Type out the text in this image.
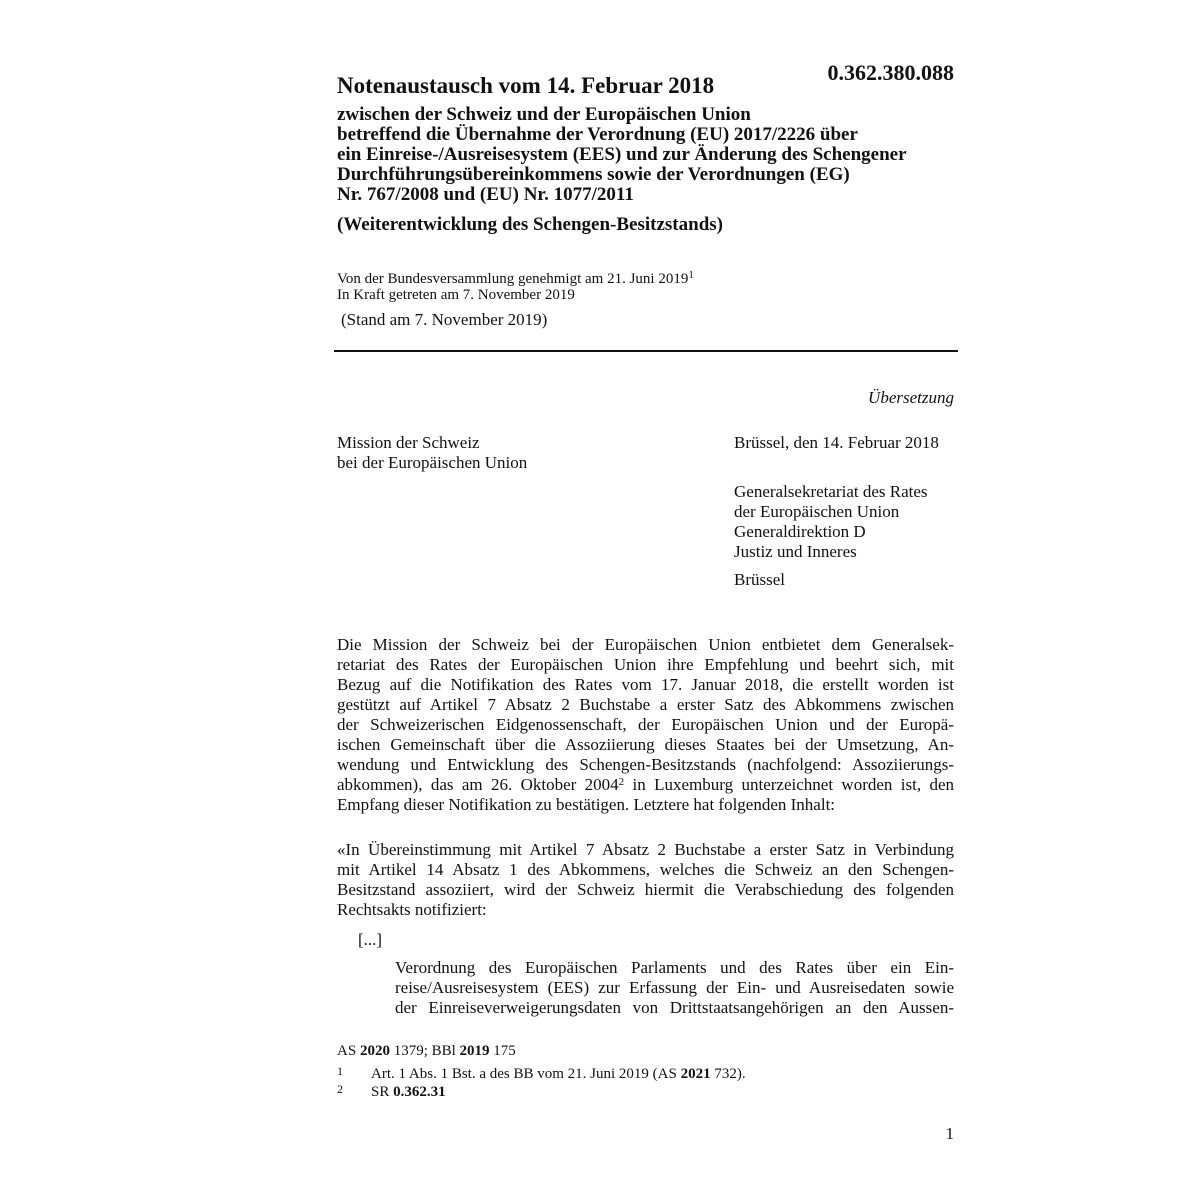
0.362.380.088
Notenaustausch vom 14. Februar 2018
zwischen der Schweiz und der Europäischen Union
betreffend die Übernahme der Verordnung (EU) 2017/2226 über
ein Einreise-/Ausreisesystem (EES) und zur Änderung des Schengener
Durchführungsübereinkommens sowie der Verordnungen (EG)
Nr. 767/2008 und (EU) Nr. 1077/2011
(Weiterentwicklung des Schengen-Besitzstands)
Von der Bundesversammlung genehmigt am 21. Juni 2019$^1$
In Kraft getreten am 7. November 2019
(Stand am 7. November 2019)
Übersetzung
Mission der Schweiz
bei der Europäischen Union
Brüssel, den 14. Februar 2018
Generalsekretariat des Rates
der Europäischen Union
Generaldirektion D
Justiz und Inneres
Brüssel
Die Mission der Schweiz bei der Europäischen Union entbietet dem Generalsek-
retariat des Rates der Europäischen Union ihre Empfehlung und beehrt sich, mit
Bezug auf die Notifikation des Rates vom 17. Januar 2018, die erstellt worden ist
gestützt auf Artikel 7 Absatz 2 Buchstabe a erster Satz des Abkommens zwischen
der Schweizerischen Eidgenossenschaft, der Europäischen Union und der Europä-
ischen Gemeinschaft über die Assoziierung dieses Staates bei der Umsetzung, An-
wendung und Entwicklung des Schengen-Besitzstands (nachfolgend: Assoziierungs-
abkommen), das am 26. Oktober 2004$^2$ in Luxemburg unterzeichnet worden ist, den
Empfang dieser Notifikation zu bestätigen. Letztere hat folgenden Inhalt:
«In Übereinstimmung mit Artikel 7 Absatz 2 Buchstabe a erster Satz in Verbindung
mit Artikel 14 Absatz 1 des Abkommens, welches die Schweiz an den Schengen-
Besitzstand assoziiert, wird der Schweiz hiermit die Verabschiedung des folgenden
Rechtsakts notifiziert:
[...]
Verordnung des Europäischen Parlaments und des Rates über ein Ein-
reise/Ausreisesystem (EES) zur Erfassung der Ein- und Ausreisedaten sowie
der Einreiseverweigerungsdaten von Drittstaatsangehörigen an den Aussen-
AS 2020 1379; BBl 2019 175
1 Art. 1 Abs. 1 Bst. a des BB vom 21. Juni 2019 (AS 2021 732).
2 SR 0.362.31
1
